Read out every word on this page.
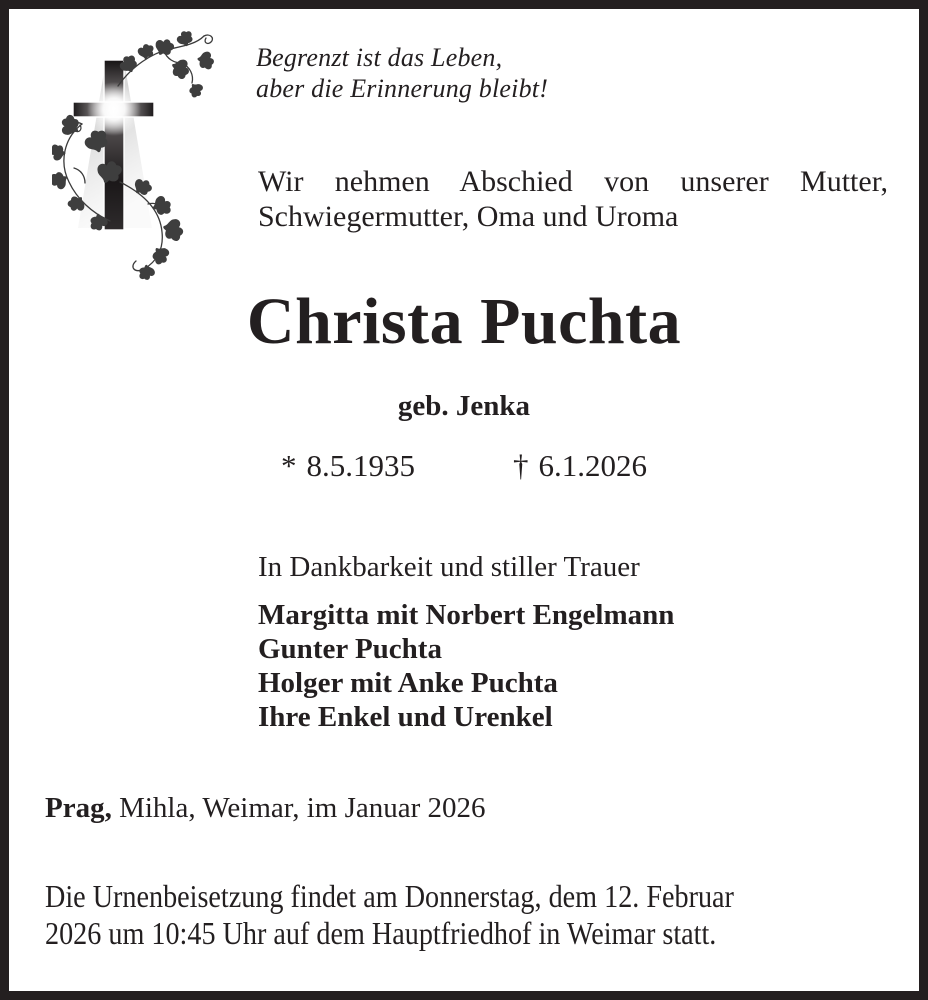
Begrenzt ist das Leben,
aber die Erinnerung bleibt!
Wir nehmen Abschied von unserer Mutter,
Schwiegermutter, Oma und Uroma
Christa Puchta
geb. Jenka
* 8.5.1935	† 6.1.2026
In Dankbarkeit und stiller Trauer
Margitta mit Norbert Engelmann
Gunter Puchta
Holger mit Anke Puchta
Ihre Enkel und Urenkel
Prag, Mihla, Weimar, im Januar 2026
Die Urnenbeisetzung findet am Donnerstag, dem 12. Februar
2026 um 10:45 Uhr auf dem Hauptfriedhof in Weimar statt.
